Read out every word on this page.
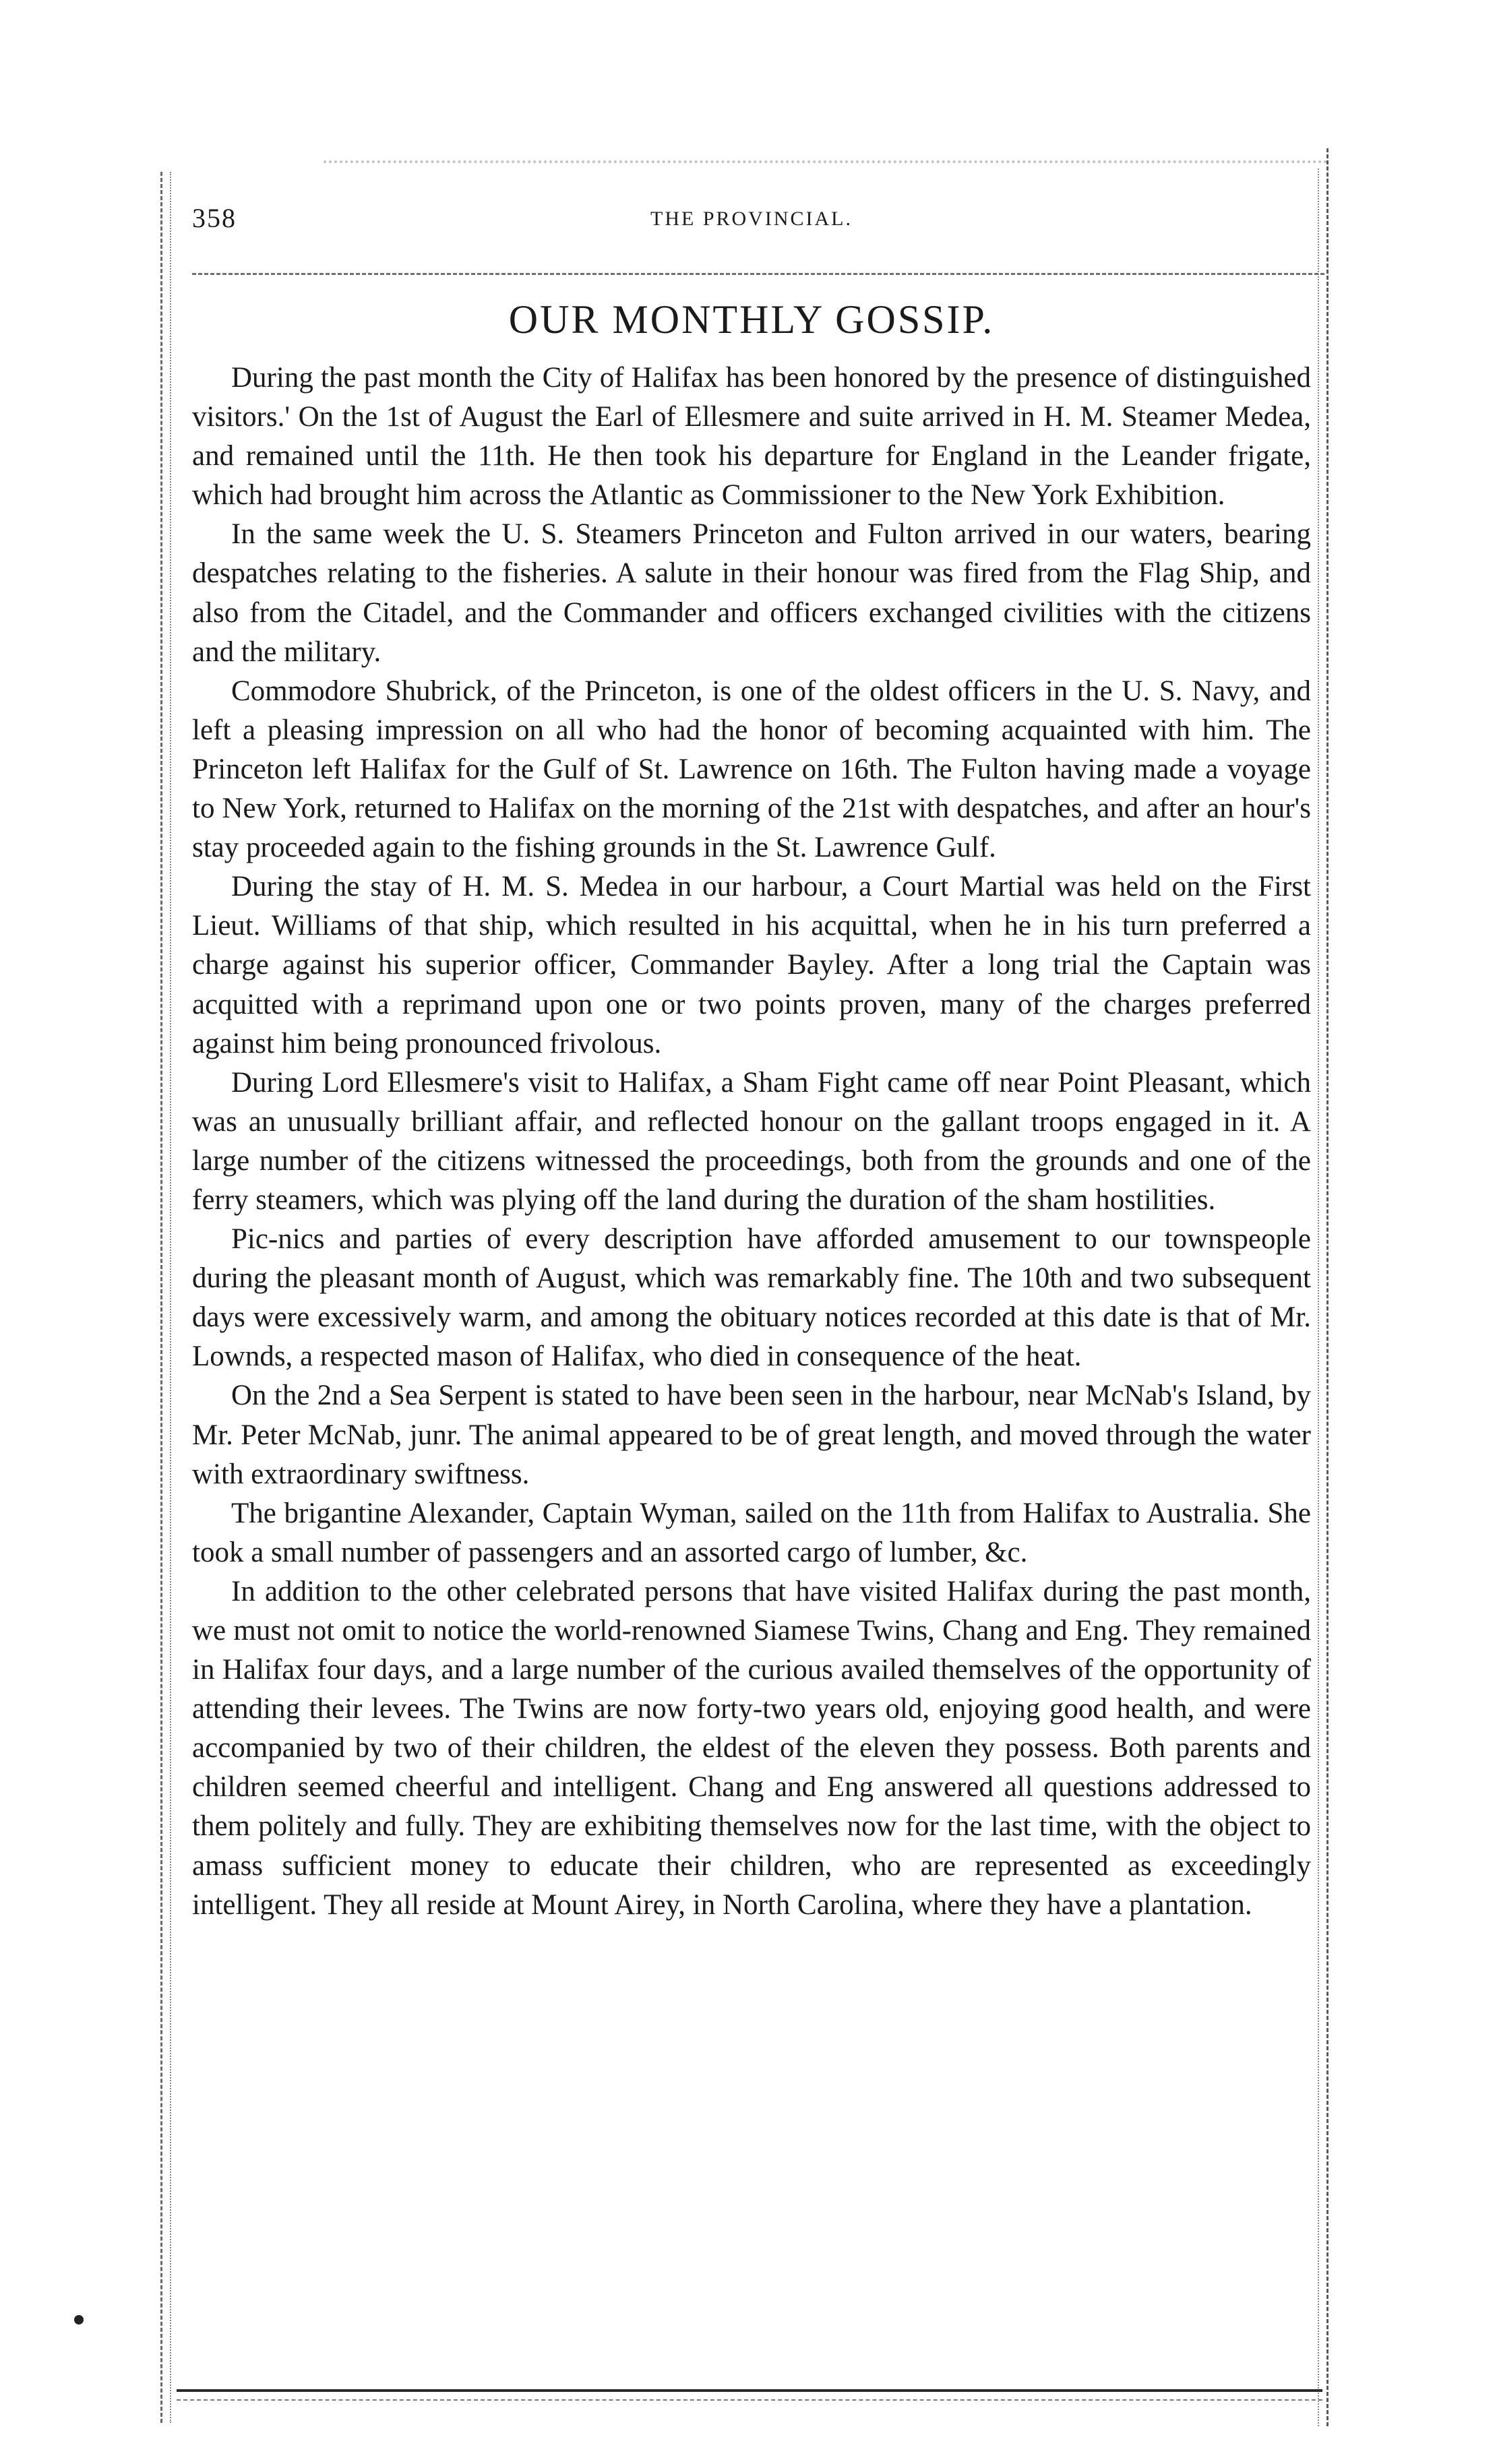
358	THE PROVINCIAL.
OUR MONTHLY GOSSIP.

During the past month the City of Halifax has been honored by the presence of distinguished visitors.' On the 1st of August the Earl of Ellesmere and suite arrived in H. M. Steamer Medea, and remained until the 11th. He then took his departure for England in the Leander frigate, which had brought him across the Atlantic as Commissioner to the New York Exhibition.

In the same week the U. S. Steamers Princeton and Fulton arrived in our waters, bearing despatches relating to the fisheries. A salute in their honour was fired from the Flag Ship, and also from the Citadel, and the Commander and officers exchanged civilities with the citizens and the military.

Commodore Shubrick, of the Princeton, is one of the oldest officers in the U. S. Navy, and left a pleasing impression on all who had the honor of becoming acquainted with him. The Princeton left Halifax for the Gulf of St. Lawrence on 16th. The Fulton having made a voyage to New York, returned to Halifax on the morning of the 21st with despatches, and after an hour's stay proceeded again to the fishing grounds in the St. Lawrence Gulf.

During the stay of H. M. S. Medea in our harbour, a Court Martial was held on the First Lieut. Williams of that ship, which resulted in his acquittal, when he in his turn preferred a charge against his superior officer, Commander Bayley. After a long trial the Captain was acquitted with a reprimand upon one or two points proven, many of the charges preferred against him being pronounced frivolous.

During Lord Ellesmere's visit to Halifax, a Sham Fight came off near Point Pleasant, which was an unusually brilliant affair, and reflected honour on the gallant troops engaged in it. A large number of the citizens witnessed the proceedings, both from the grounds and one of the ferry steamers, which was plying off the land during the duration of the sham hostilities.

Pic-nics and parties of every description have afforded amusement to our townspeople during the pleasant month of August, which was remarkably fine. The 10th and two subsequent days were excessively warm, and among the obituary notices recorded at this date is that of Mr. Lownds, a respected mason of Halifax, who died in consequence of the heat.

On the 2nd a Sea Serpent is stated to have been seen in the harbour, near McNab's Island, by Mr. Peter McNab, junr. The animal appeared to be of great length, and moved through the water with extraordinary swiftness.

The brigantine Alexander, Captain Wyman, sailed on the 11th from Halifax to Australia. She took a small number of passengers and an assorted cargo of lumber, &c.

In addition to the other celebrated persons that have visited Halifax during the past month, we must not omit to notice the world-renowned Siamese Twins, Chang and Eng. They remained in Halifax four days, and a large number of the curious availed themselves of the opportunity of attending their levees. The Twins are now forty-two years old, enjoying good health, and were accompanied by two of their children, the eldest of the eleven they possess. Both parents and children seemed cheerful and intelligent. Chang and Eng answered all questions addressed to them politely and fully. They are exhibiting themselves now for the last time, with the object to amass sufficient money to educate their children, who are represented as exceedingly intelligent. They all reside at Mount Airey, in North Carolina, where they have a plantation.
